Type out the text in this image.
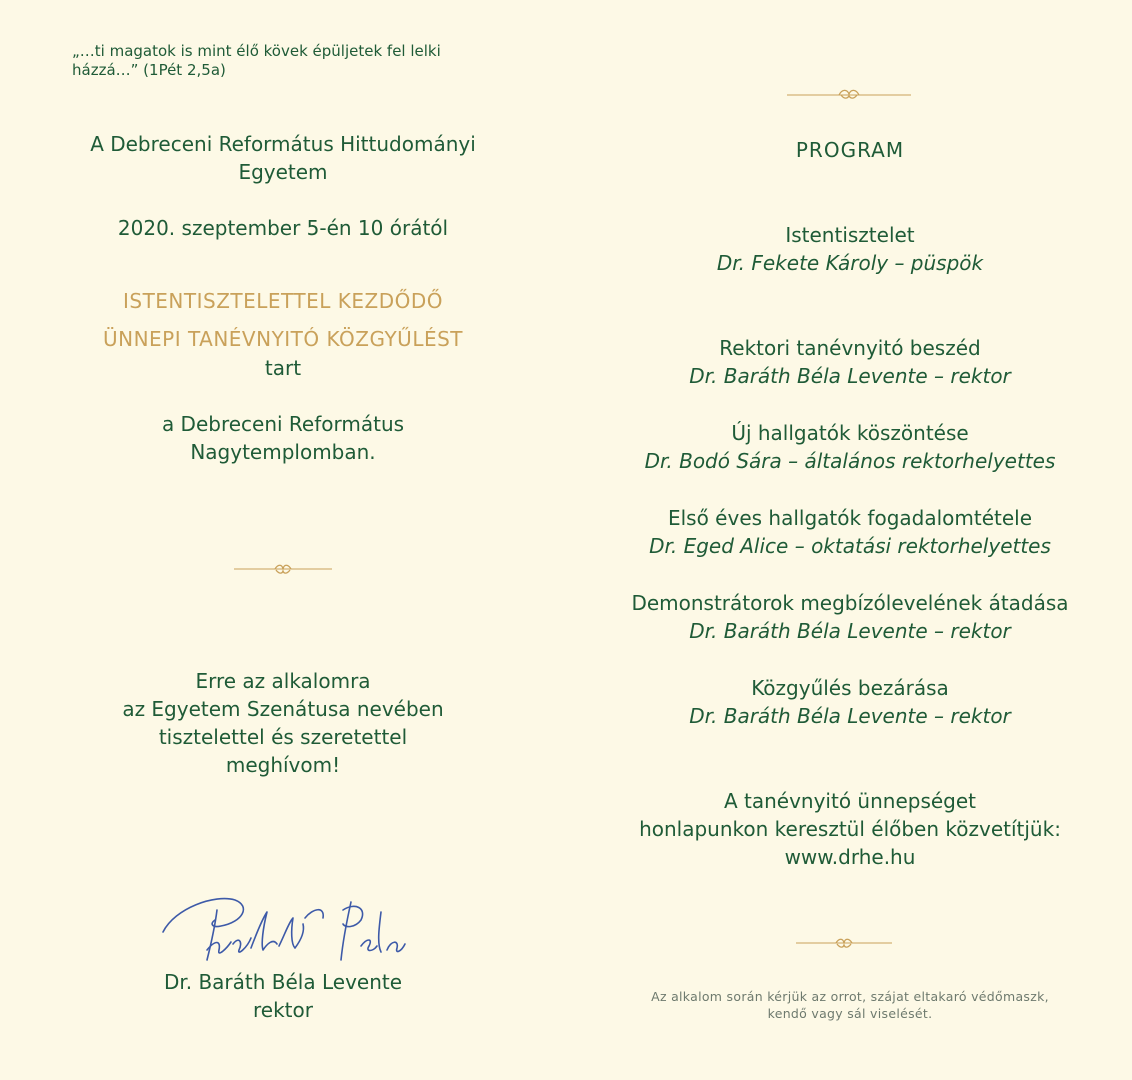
„…ti magatok is mint élő kövek épüljetek fel lelki
házzá…” (1Pét 2,5a)
A Debreceni Református Hittudományi
Egyetem
2020. szeptember 5-én 10 órától
ISTENTISZTELETTEL KEZDŐDŐ
ÜNNEPI TANÉVNYITÓ KÖZGYŰLÉST
tart
a Debreceni Református
Nagytemplomban.
Erre az alkalomra
az Egyetem Szenátusa nevében
tisztelettel és szeretettel
meghívom!
Dr. Baráth Béla Levente
rektor
PROGRAM
Istentisztelet
Dr. Fekete Károly – püspök
Rektori tanévnyitó beszéd
Dr. Baráth Béla Levente – rektor
Új hallgatók köszöntése
Dr. Bodó Sára – általános rektorhelyettes
Első éves hallgatók fogadalomtétele
Dr. Eged Alice – oktatási rektorhelyettes
Demonstrátorok megbízólevelének átadása
Dr. Baráth Béla Levente – rektor
Közgyűlés bezárása
Dr. Baráth Béla Levente – rektor
A tanévnyitó ünnepséget
honlapunkon keresztül élőben közvetítjük:
www.drhe.hu
Az alkalom során kérjük az orrot, szájat eltakaró védőmaszk,
kendő vagy sál viselését.
